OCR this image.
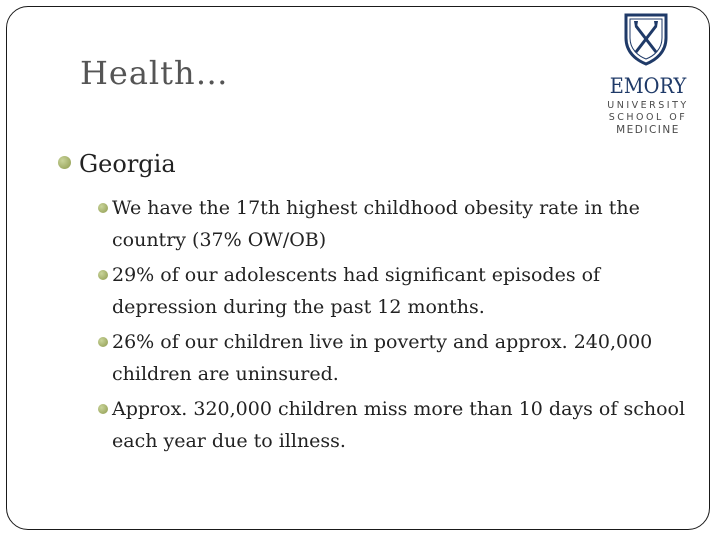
Health…	EMORY
UNIVERSITY
SCHOOL OF
MEDICINE
Georgia
We have the 17th highest childhood obesity rate in the country (37% OW/OB)
29% of our adolescents had significant episodes of depression during the past 12 months.
26% of our children live in poverty and approx. 240,000 children are uninsured.
Approx. 320,000 children miss more than 10 days of school each year due to illness.
